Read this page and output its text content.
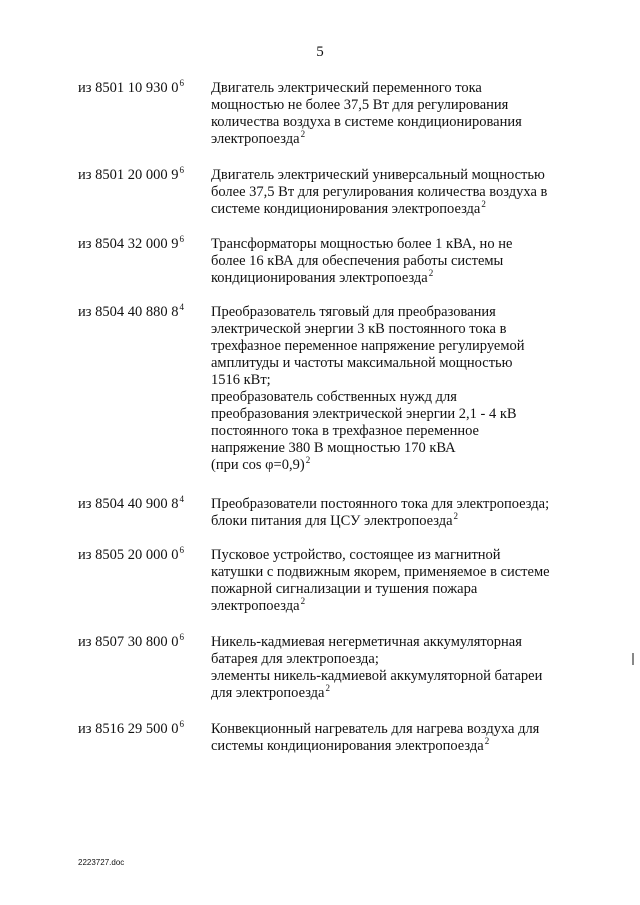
5
из 8501 10 930 $0^6$ Двигатель электрический переменного тока
мощностью не более 37,5 Вт для регулирования
количества воздуха в системе кондиционирования
электропоезда$^2$
из 8501 20 000 $9^6$ Двигатель электрический универсальный мощностью
более 37,5 Вт для регулирования количества воздуха в
системе кондиционирования электропоезда$^2$
из 8504 32 000 $9^6$ Трансформаторы мощностью более 1 кВА, но не
более 16 кВА для обеспечения работы системы
кондиционирования электропоезда$^2$
из 8504 40 880 $8^4$ Преобразователь тяговый для преобразования
электрической энергии 3 кВ постоянного тока в
трехфазное переменное напряжение регулируемой
амплитуды и частоты максимальной мощностью
1516 кВт;
преобразователь собственных нужд для
преобразования электрической энергии 2,1 - 4 кВ
постоянного тока в трехфазное переменное
напряжение 380 В мощностью 170 кВА
(при cos φ=0,9)$^2$
из 8504 40 900 $8^4$ Преобразователи постоянного тока для электропоезда;
блоки питания для ЦСУ электропоезда$^2$
из 8505 20 000 $0^6$ Пусковое устройство, состоящее из магнитной
катушки с подвижным якорем, применяемое в системе
пожарной сигнализации и тушения пожара
электропоезда$^2$
из 8507 30 800 $0^6$ Никель-кадмиевая негерметичная аккумуляторная
батарея для электропоезда;
элементы никель-кадмиевой аккумуляторной батареи
для электропоезда$^2$
из 8516 29 500 $0^6$ Конвекционный нагреватель для нагрева воздуха для
системы кондиционирования электропоезда$^2$
2223727.doc
